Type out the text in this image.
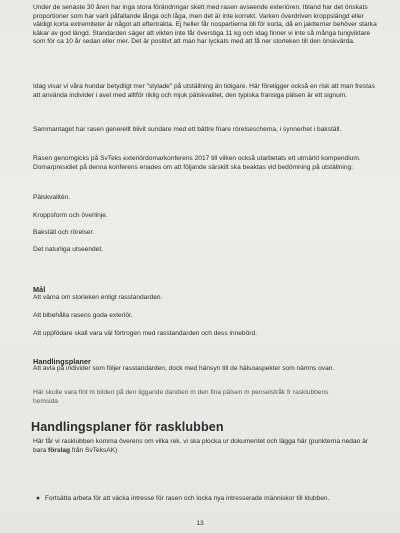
Under de senaste 30 åren har inga stora förändringar skett med rasen avseende exteriören. Ibland har det önskats proportioner som har varit påfallande långa och låga, men det är inte korrekt. Varken överdriven kroppslängd eller väldigt korta extremiteter är något att eftertrakta. Ej heller får nospartierna bli för korta, då en jaktterrier behöver starka käkar av god längd. Standarden säger att vikten inte får överstiga 11 kg och idag finner vi inte så många tungviktare som för ca 10 år sedan eller mer. Det är positivt att man har lyckats med att få ner storleken till den önskvärda.

Idag visar vi våra hundar betydligt mer "stylade" på utställning än tidigare. Här föreligger också en risk att man frestas att använda individer i avel med alltför riklig och mjuk pälskvalitet, den typiska fransiga pälsen är ett signum.

Sammantaget har rasen generellt blivit sundare med ett bättre friare rörelseschema, i synnerhet i bakställ.

Rasen genomgicks på SvTeks exteriördomarkonferens 2017 till vilken också utarbetats ett utmärkt kompendium. Domarpresidiet på denna konferens enades om att följande särskilt ska beaktas vid bedömning på utställning:

Pälskvalitén.
Kroppsform och överlinje.
Bakställ och rörelser.
Det naturliga utseendet.
Mål
Att värna om storleken enligt rasstandarden.
Att bibehålla rasens goda exteriör.
Att uppfödare skall vara väl förtrogen med rasstandarden och dess innebörd.
Handlingsplaner

Att avla på individer som följer rasstandarden, dock med hänsyn till de hälsoaspekter som nämns ovan.

Här skulle vara fint m bilden på den liggande dandien m den fina pälsen m penselstråk fr rasklubbens hemsida

Handlingsplaner för rasklubben

Här får vi rasklubben komma överens om vilka rek. vi ska plocka ur dokumentet och lägga här (punkterna nedan är bara förslag från SvTeksAK)

● Fortsätta arbeta för att väcka intresse för rasen och locka nya intresserade människor till klubben.
13
